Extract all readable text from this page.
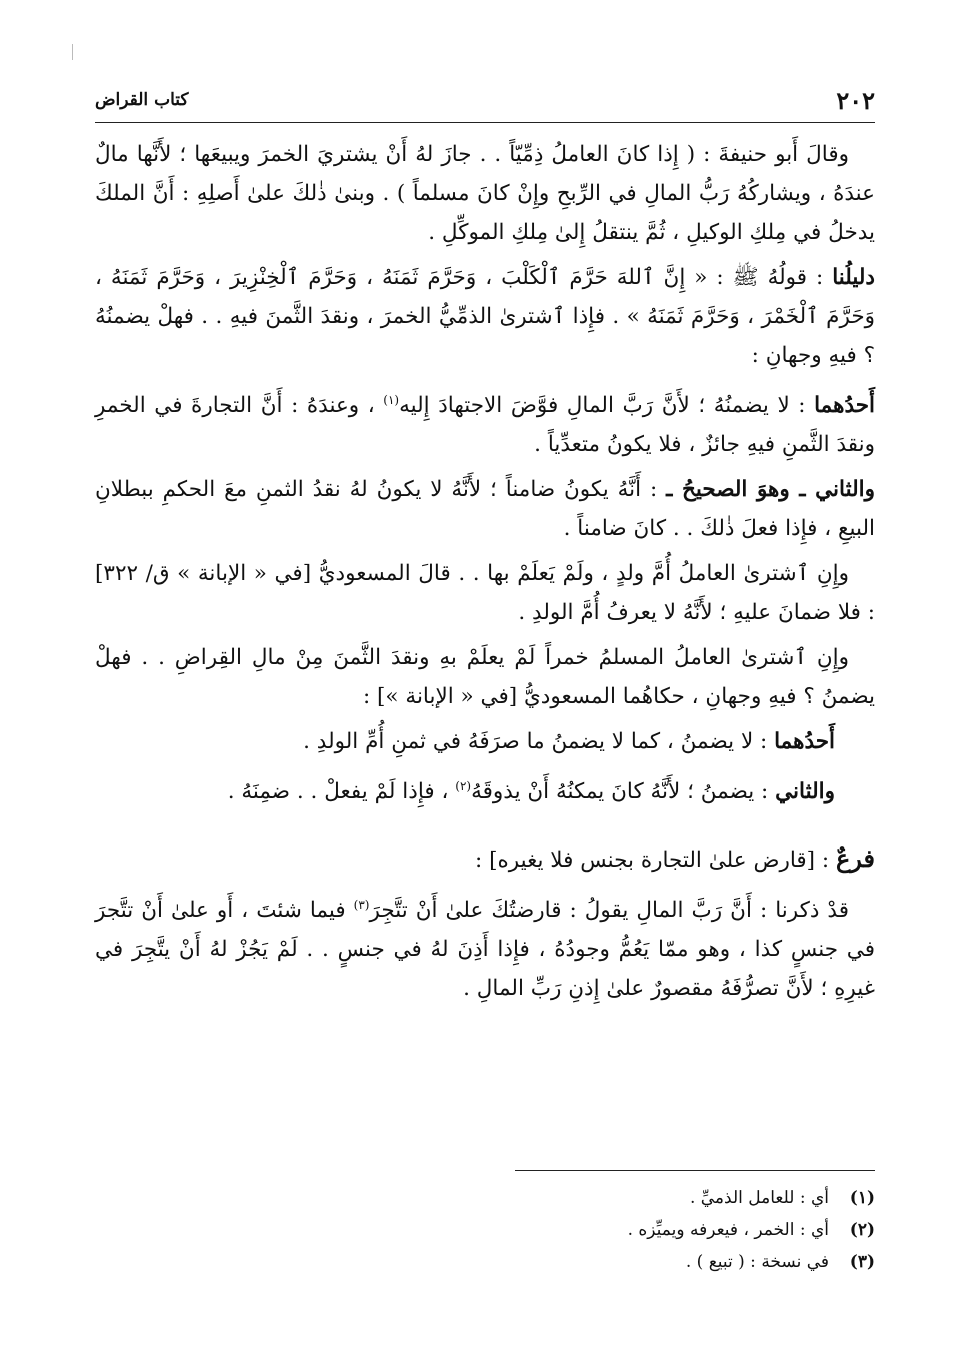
٢٠٢
كتاب القراض

وقالَ أَبو حنيفةَ : ( إِذا كانَ العاملُ ذِمِّيّاً . . جازَ لهُ أَنْ يشتريَ الخمرَ ويبيعَها ؛ لأَنَّها مالٌ عندَهُ ، ويشاركُهُ رَبُّ المالِ في الرِّبحِ وإِنْ كانَ مسلماً ) . وبنىٰ ذٰلكَ علىٰ أَصلِهِ : أَنَّ الملكَ يدخلُ في مِلكِ الوكيلِ ، ثُمَّ ينتقلُ إِلىٰ مِلكِ الموكِّلِ .

دليلُنا : قولُهُ ﷺ : « إِنَّ ٱللهَ حَرَّمَ ٱلْكَلْبَ ، وَحَرَّمَ ثَمَنَهُ ، وَحَرَّمَ ٱلْخِنْزِيرَ ، وَحَرَّمَ ثَمَنَهُ ، وَحَرَّمَ ٱلْخَمْرَ ، وَحَرَّمَ ثَمَنَهُ » . فإِذا ٱشترىٰ الذمِّيُّ الخمرَ ، ونقدَ الثَّمنَ فيهِ . . فهلْ يضمنُهُ ؟ فيهِ وجهانِ :

أَحدُهما : لا يضمنُهُ ؛ لأَنَّ رَبَّ المالِ فوَّضَ الاجتهادَ إِليه$^{(١)}$ ، وعندَهُ : أَنَّ التجارةَ في الخمرِ ونقدَ الثَّمنِ فيهِ جائزٌ ، فلا يكونُ متعدِّياً .

والثاني ـ وهوَ الصحيحُ ـ : أَنَّهُ يكونُ ضامناً ؛ لأَنَّهُ لا يكونُ لهُ نقدُ الثمنِ معَ الحكمِ ببطلانِ البيعِ ، فإِذا فعلَ ذٰلكَ . . كانَ ضامناً .

وإِنِ ٱشترىٰ العاملُ أُمَّ ولدٍ ، ولَمْ يَعلَمْ بها . . قالَ المسعوديُّ [في « الإبانة » ق/ ٣٢٢] : فلا ضمانَ عليهِ ؛ لأَنَّهُ لا يعرفُ أُمَّ الولدِ .

وإِنِ ٱشترىٰ العاملُ المسلمُ خمراً لَمْ يعلَمْ بهِ ونقدَ الثَّمنَ مِنْ مالِ القِراضِ . . فهلْ يضمنُ ؟ فيهِ وجهانِ ، حكاهُما المسعوديُّ [في « الإبانة »] :

أَحدُهما : لا يضمنُ ، كما لا يضمنُ ما صرَفَهُ في ثمنِ أُمِّ الولدِ .

والثاني : يضمنُ ؛ لأَنَّهُ كانَ يمكنُهُ أَنْ يذوقَهُ$^{(٢)}$ ، فإِذا لَمْ يفعلْ . . ضمِنَهُ .

فرعٌ : [قارض علىٰ التجارة بجنس فلا يغيره] :

قدْ ذكرنا : أَنَّ رَبَّ المالِ يقولُ : قارضتُكَ علىٰ أَنْ تتَّجِرَ$^{(٣)}$ فيما شئتَ ، أَو علىٰ أَنْ تتَّجرَ في جنسٍ كذا ، وهو ممّا يَعُمُّ وجودُهُ ، فإِذا أَذِنَ لهُ في جنسٍ . . لَمْ يَجُزْ لهُ أَنْ يتَّجِرَ في غيرِهِ ؛ لأَنَّ تصرُّفَهُ مقصورٌ علىٰ إِذنِ رَبِّ المالِ .

(١)أي : للعامل الذميِّ .
(٢)أي : الخمر ، فيعرفه ويميِّزه .
(٣)في نسخة : ( تبيع ) .
